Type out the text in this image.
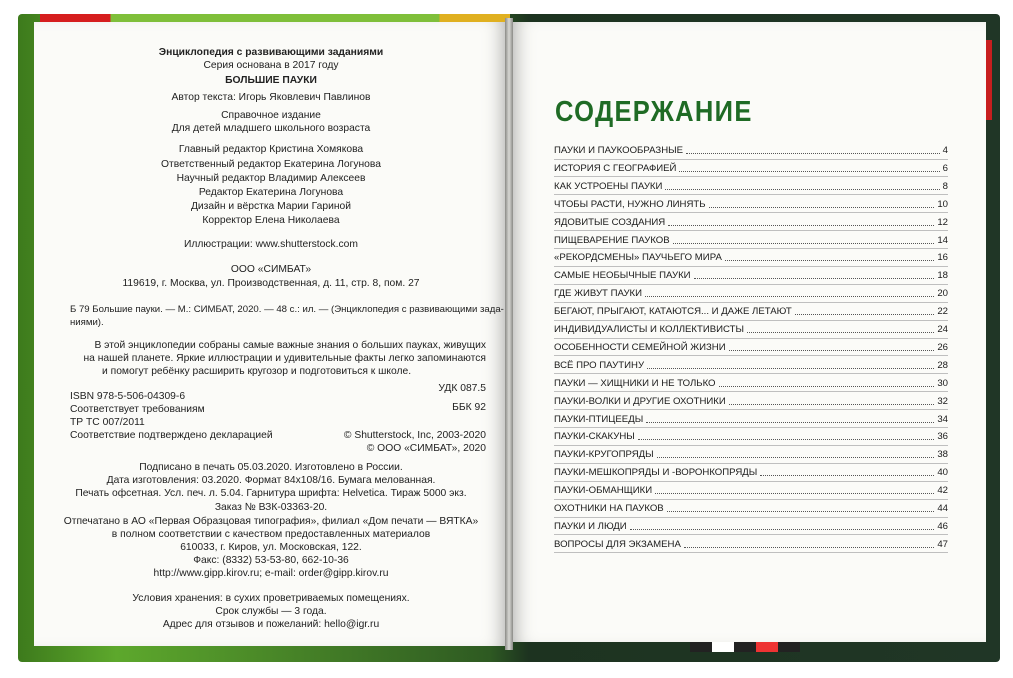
Энциклопедия с развивающими заданиями
Серия основана в 2017 году
БОЛЬШИЕ ПАУКИ
Автор текста: Игорь Яковлевич Павлинов
Справочное издание
Для детей младшего школьного возраста
Главный редактор Кристина Хомякова
Ответственный редактор Екатерина Логунова
Научный редактор Владимир Алексеев
Редактор Екатерина Логунова
Дизайн и вёрстка Марии Гариной
Корректор Елена Николаева
Иллюстрации: www.shutterstock.com
ООО «СИМБАТ»
119619, г. Москва, ул. Производственная, д. 11, стр. 8, пом. 27
Б 79 Большие пауки. — М.: СИМБАТ, 2020. — 48 с.: ил. — (Энциклопедия с развивающими зада-
ниями).
В этой энциклопедии собраны самые важные знания о больших пауках, живущих
на нашей планете. Яркие иллюстрации и удивительные факты легко запоминаются
и помогут ребёнку расширить кругозор и подготовиться к школе.
УДК 087.5
ISBN 978-5-506-04309-6
ББК 92
Соответствует требованиям
ТР ТС 007/2011
Соответствие подтверждено декларацией	© Shutterstock, Inc, 2003-2020
© ООО «СИМБАТ», 2020
Подписано в печать 05.03.2020. Изготовлено в России.
Дата изготовления: 03.2020. Формат 84x108/16. Бумага мелованная.
Печать офсетная. Усл. печ. л. 5.04. Гарнитура шрифта: Helvetica. Тираж 5000 экз.
Заказ № ВЗК-03363-20.
Отпечатано в АО «Первая Образцовая типография», филиал «Дом печати — ВЯТКА»
в полном соответствии с качеством предоставленных материалов
610033, г. Киров, ул. Московская, 122.
Факс: (8332) 53-53-80, 662-10-36
http://www.gipp.kirov.ru; e-mail: order@gipp.kirov.ru
Условия хранения: в сухих проветриваемых помещениях.
Срок службы — 3 года.
Адрес для отзывов и пожеланий: hello@igr.ru
СОДЕРЖАНИЕ
ПАУКИ И ПАУКООБРАЗНЫЕ	4
ИСТОРИЯ С ГЕОГРАФИЕЙ	6
КАК УСТРОЕНЫ ПАУКИ	8
ЧТОБЫ РАСТИ, НУЖНО ЛИНЯТЬ	10
ЯДОВИТЫЕ СОЗДАНИЯ	12
ПИЩЕВАРЕНИЕ ПАУКОВ	14
«РЕКОРДСМЕНЫ» ПАУЧЬЕГО МИРА	16
САМЫЕ НЕОБЫЧНЫЕ ПАУКИ	18
ГДЕ ЖИВУТ ПАУКИ	20
БЕГАЮТ, ПРЫГАЮТ, КАТАЮТСЯ... И ДАЖЕ ЛЕТАЮТ	22
ИНДИВИДУАЛИСТЫ И КОЛЛЕКТИВИСТЫ	24
ОСОБЕННОСТИ СЕМЕЙНОЙ ЖИЗНИ	26
ВСЁ ПРО ПАУТИНУ	28
ПАУКИ — ХИЩНИКИ И НЕ ТОЛЬКО	30
ПАУКИ-ВОЛКИ И ДРУГИЕ ОХОТНИКИ	32
ПАУКИ-ПТИЦЕЕДЫ	34
ПАУКИ-СКАКУНЫ	36
ПАУКИ-КРУГОПРЯДЫ	38
ПАУКИ-МЕШКОПРЯДЫ И -ВОРОНКОПРЯДЫ	40
ПАУКИ-ОБМАНЩИКИ	42
ОХОТНИКИ НА ПАУКОВ	44
ПАУКИ И ЛЮДИ	46
ВОПРОСЫ ДЛЯ ЭКЗАМЕНА	47
